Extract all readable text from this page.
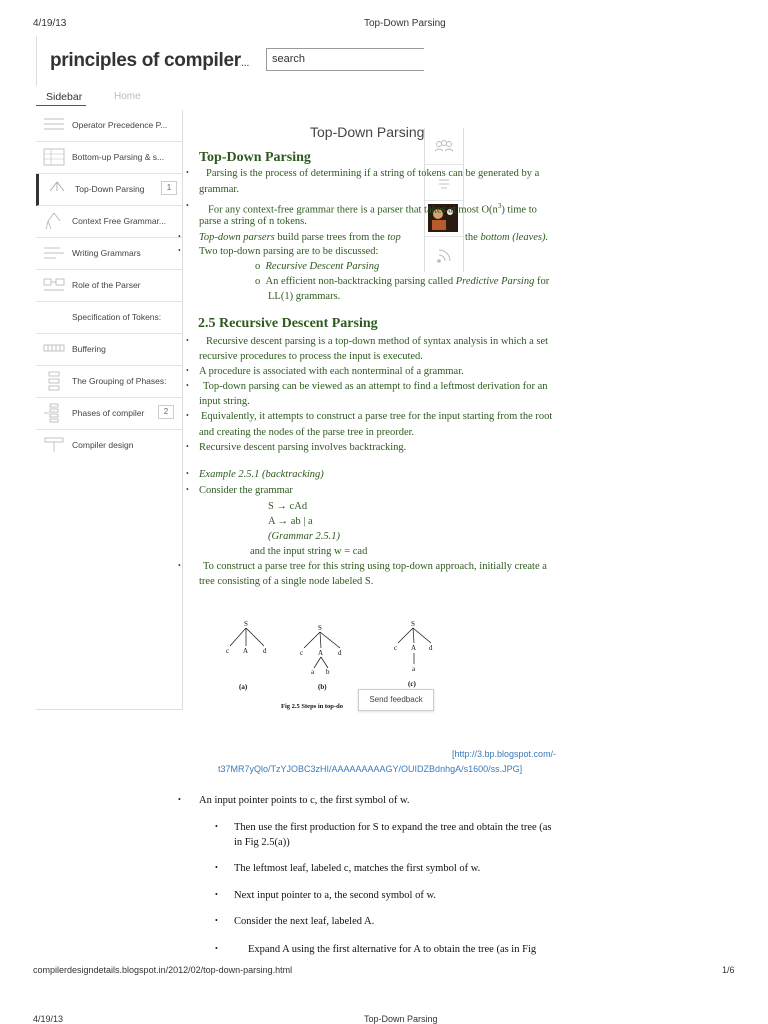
4/19/13	Top-Down Parsing
principles of compiler...	search
Sidebar	Home
Operator Precedence P...
Bottom-up Parsing & s...
Top-Down Parsing	1
Context Free Grammar...
Writing Grammars
Role of the Parser
Specification of Tokens:
Buffering
The Grouping of Phases:
Phases of compiler	2
Compiler design
Top-Down Parsing
Top-Down Parsing
• Parsing is the process of determining if a string of tokens can be generated by a
grammar.
• For any context-free grammar there is a parser that takes at most $O(n^3)$ time to
parse a string of n tokens.
• Top-down parsers build parse trees from the top	the bottom (leaves).
• Two top-down parsing are to be discussed:
o  Recursive Descent Parsing
o  An efficient non-backtracking parsing called Predictive Parsing for
LL(1) grammars.
2.5 Recursive Descent Parsing
• Recursive descent parsing is a top-down method of syntax analysis in which a set
recursive procedures to process the input is executed.
• A procedure is associated with each nonterminal of a grammar.
• Top-down parsing can be viewed as an attempt to find a leftmost derivation for an
input string.
• Equivalently, it attempts to construct a parse tree for the input starting from the root
and creating the nodes of the parse tree in preorder.
• Recursive descent parsing involves backtracking.
• Example 2.5.1 (backtracking)
• Consider the grammar
S → cAd
A → ab | a
(Grammar 2.5.1)
and the input string w = cad
• To construct a parse tree for this string using top-down approach, initially create a
tree consisting of a single node labeled S.
S
c A d
S
c A d
a b
S
c A d
a
(a)	(b)	(c)
Fig 2.5 Steps in top-do
Send feedback
[http://3.bp.blogspot.com/-
t37MR7yQlo/TzYJOBC3zHI/AAAAAAAAAGY/OUIDZBdnhgA/s1600/ss.JPG]
• An input pointer points to c, the first symbol of w.
• Then use the first production for S to expand the tree and obtain the tree (as
in Fig 2.5(a))
• The leftmost leaf, labeled c, matches the first symbol of w.
• Next input pointer to a, the second symbol of w.
• Consider the next leaf, labeled A.
•	Expand A using the first alternative for A to obtain the tree (as in Fig
compilerdesigndetails.blogspot.in/2012/02/top-down-parsing.html	1/6
4/19/13	Top-Down Parsing
